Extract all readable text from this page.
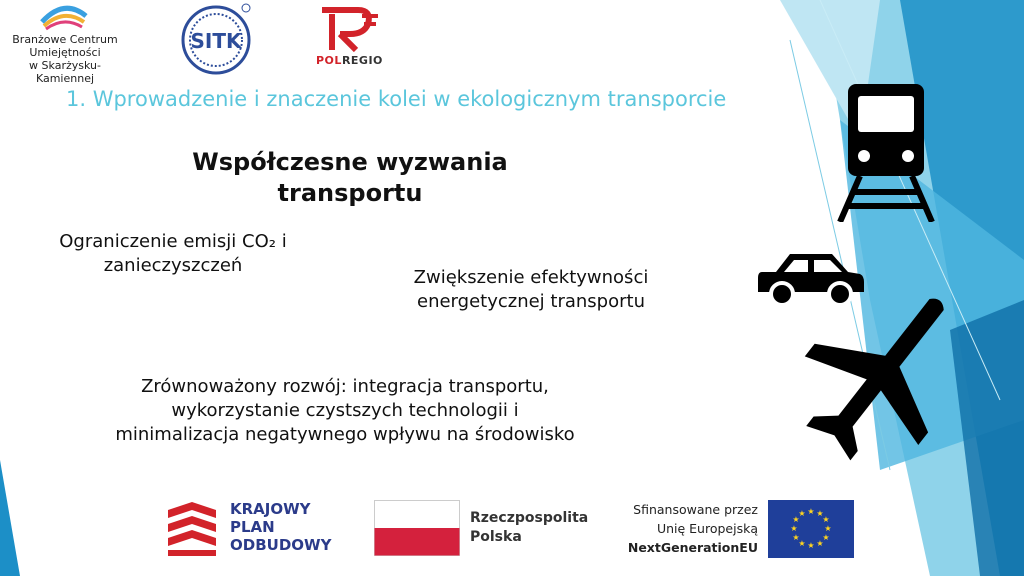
Branżowe Centrum
Umiejętności
w Skarżysku-Kamiennej
SITK
POLREGIO
1. Wprowadzenie i znaczenie kolei w ekologicznym transporcie
Współczesne wyzwania
transportu
Ograniczenie emisji CO₂ i
zanieczyszczeń
Zwiększenie efektywności
energetycznej transportu
Zrównoważony rozwój: integracja transportu,
wykorzystanie czystszych technologii i
minimalizacja negatywnego wpływu na środowisko
KRAJOWY
PLAN
ODBUDOWY
Rzeczpospolita
Polska
Sfinansowane przez
Unię Europejską
NextGenerationEU
★ ★
★
★
★
★
★
★
★
★
★
★
